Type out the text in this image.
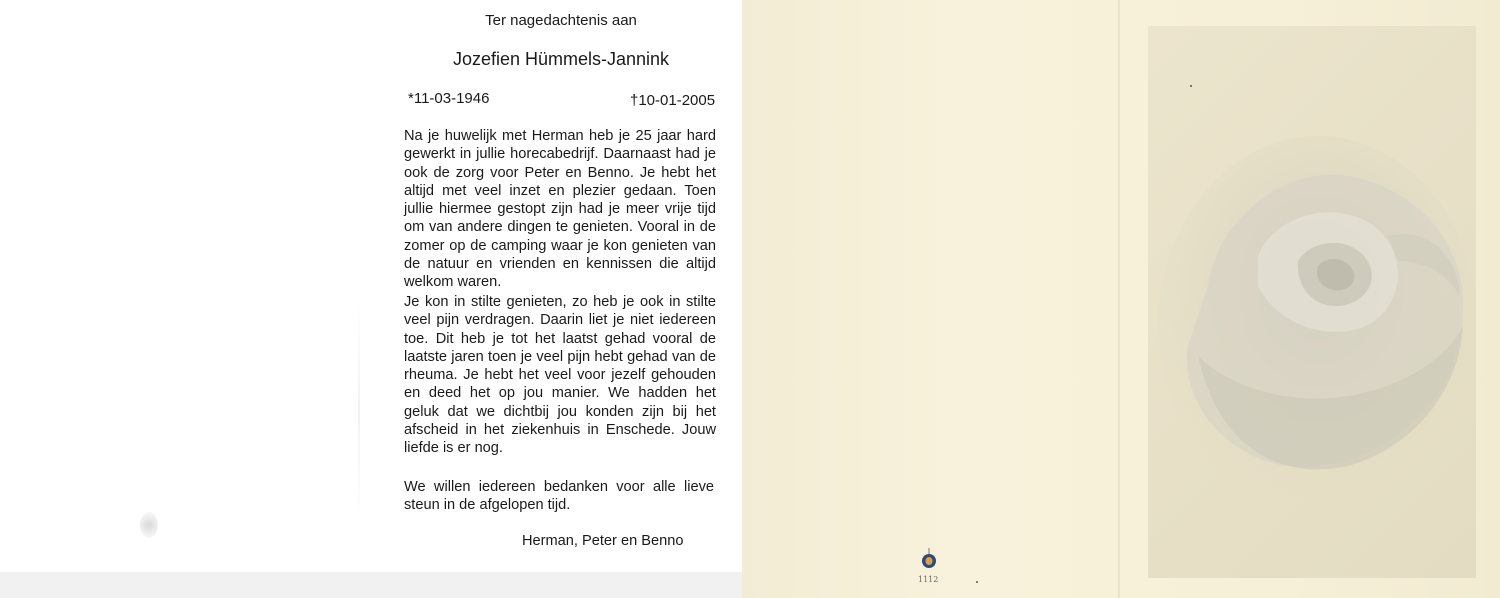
Ter nagedachtenis aan
Jozefien Hümmels-Jannink
*11-03-1946	†10-01-2005
Na je huwelijk met Herman heb je 25 jaar hard gewerkt in jullie horecabedrijf. Daarnaast had je ook de zorg voor Peter en Benno. Je hebt het altijd met veel inzet en plezier gedaan. Toen jullie hiermee gestopt zijn had je meer vrije tijd om van andere dingen te genieten. Vooral in de zomer op de camping waar je kon genieten van de natuur en vrienden en kennissen die altijd welkom waren.
Je kon in stilte genieten, zo heb je ook in stilte veel pijn verdragen. Daarin liet je niet iedereen toe. Dit heb je tot het laatst gehad vooral de laatste jaren toen je veel pijn hebt gehad van de rheuma. Je hebt het veel voor jezelf gehouden en deed het op jou manier. We hadden het geluk dat we dichtbij jou konden zijn bij het afscheid in het ziekenhuis in Enschede. Jouw liefde is er nog.
We willen iedereen bedanken voor alle lieve steun in de afgelopen tijd.
Herman, Peter en Benno
1112
